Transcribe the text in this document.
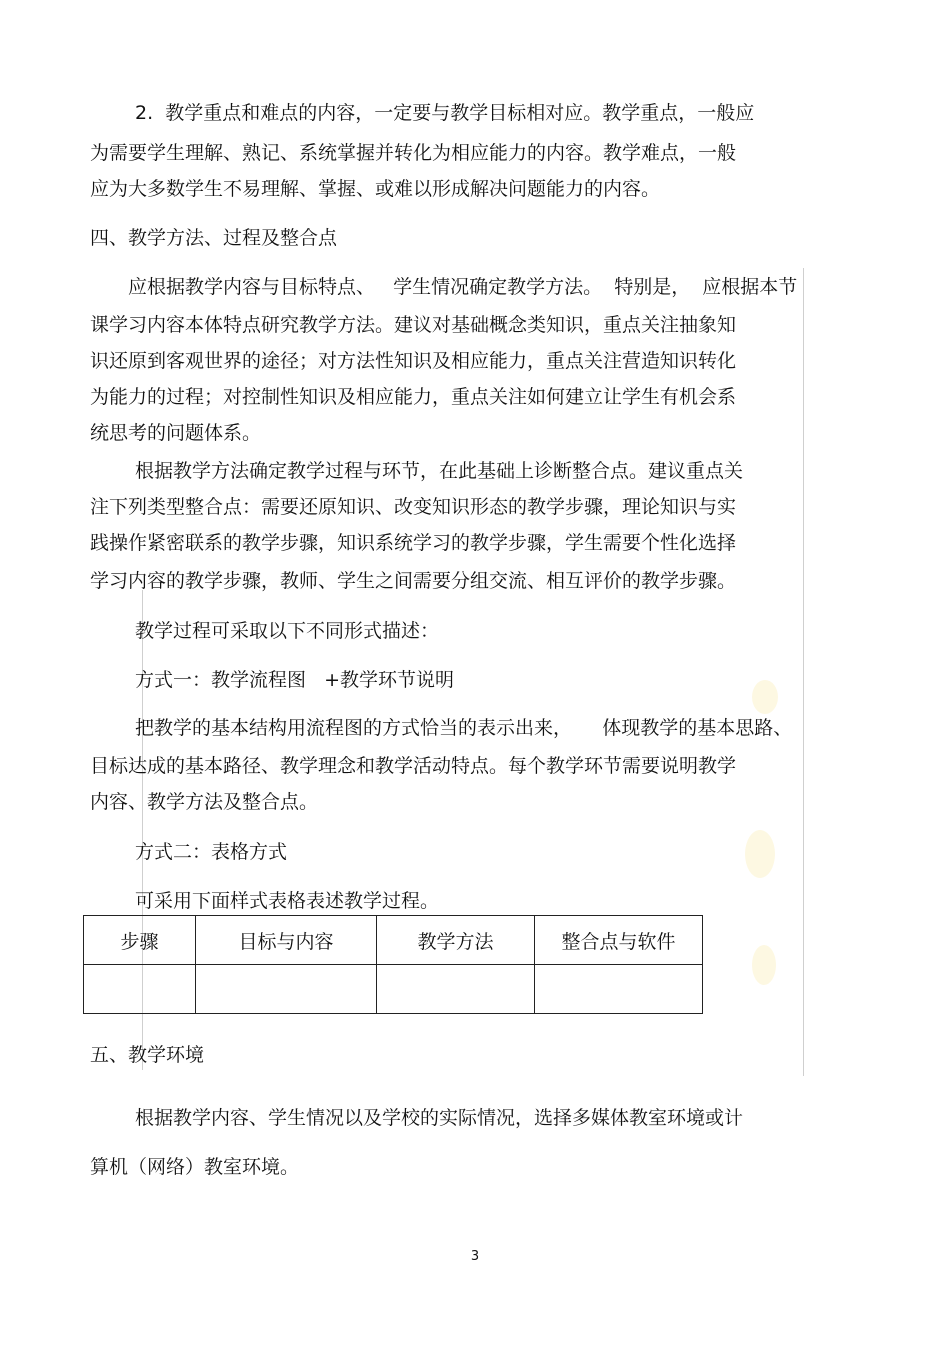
2.  教学重点和难点的内容，一定要与教学目标相对应。教学重点，一般应
为需要学生理解、熟记、系统掌握并转化为相应能力的内容。教学难点，一般
应为大多数学生不易理解、掌握、或难以形成解决问题能力的内容。
四、教学方法、过程及整合点
应根据教学内容与目标特点、   学生情况确定教学方法。  特别是，  应根据本节
课学习内容本体特点研究教学方法。建议对基础概念类知识，重点关注抽象知
识还原到客观世界的途径；对方法性知识及相应能力，重点关注营造知识转化
为能力的过程；对控制性知识及相应能力，重点关注如何建立让学生有机会系
统思考的问题体系。
根据教学方法确定教学过程与环节，在此基础上诊断整合点。建议重点关
注下列类型整合点：需要还原知识、改变知识形态的教学步骤，理论知识与实
践操作紧密联系的教学步骤，知识系统学习的教学步骤，学生需要个性化选择
学习内容的教学步骤，教师、学生之间需要分组交流、相互评价的教学步骤。
教学过程可采取以下不同形式描述：
方式一：教学流程图   +教学环节说明
把教学的基本结构用流程图的方式恰当的表示出来，     体现教学的基本思路、
目标达成的基本路径、教学理念和教学活动特点。每个教学环节需要说明教学
内容、教学方法及整合点。
方式二：表格方式
可采用下面样式表格表述教学过程。
步骤	目标与内容	教学方法	整合点与软件

五、教学环境
根据教学内容、学生情况以及学校的实际情况，选择多媒体教室环境或计
算机（网络）教室环境。
3
